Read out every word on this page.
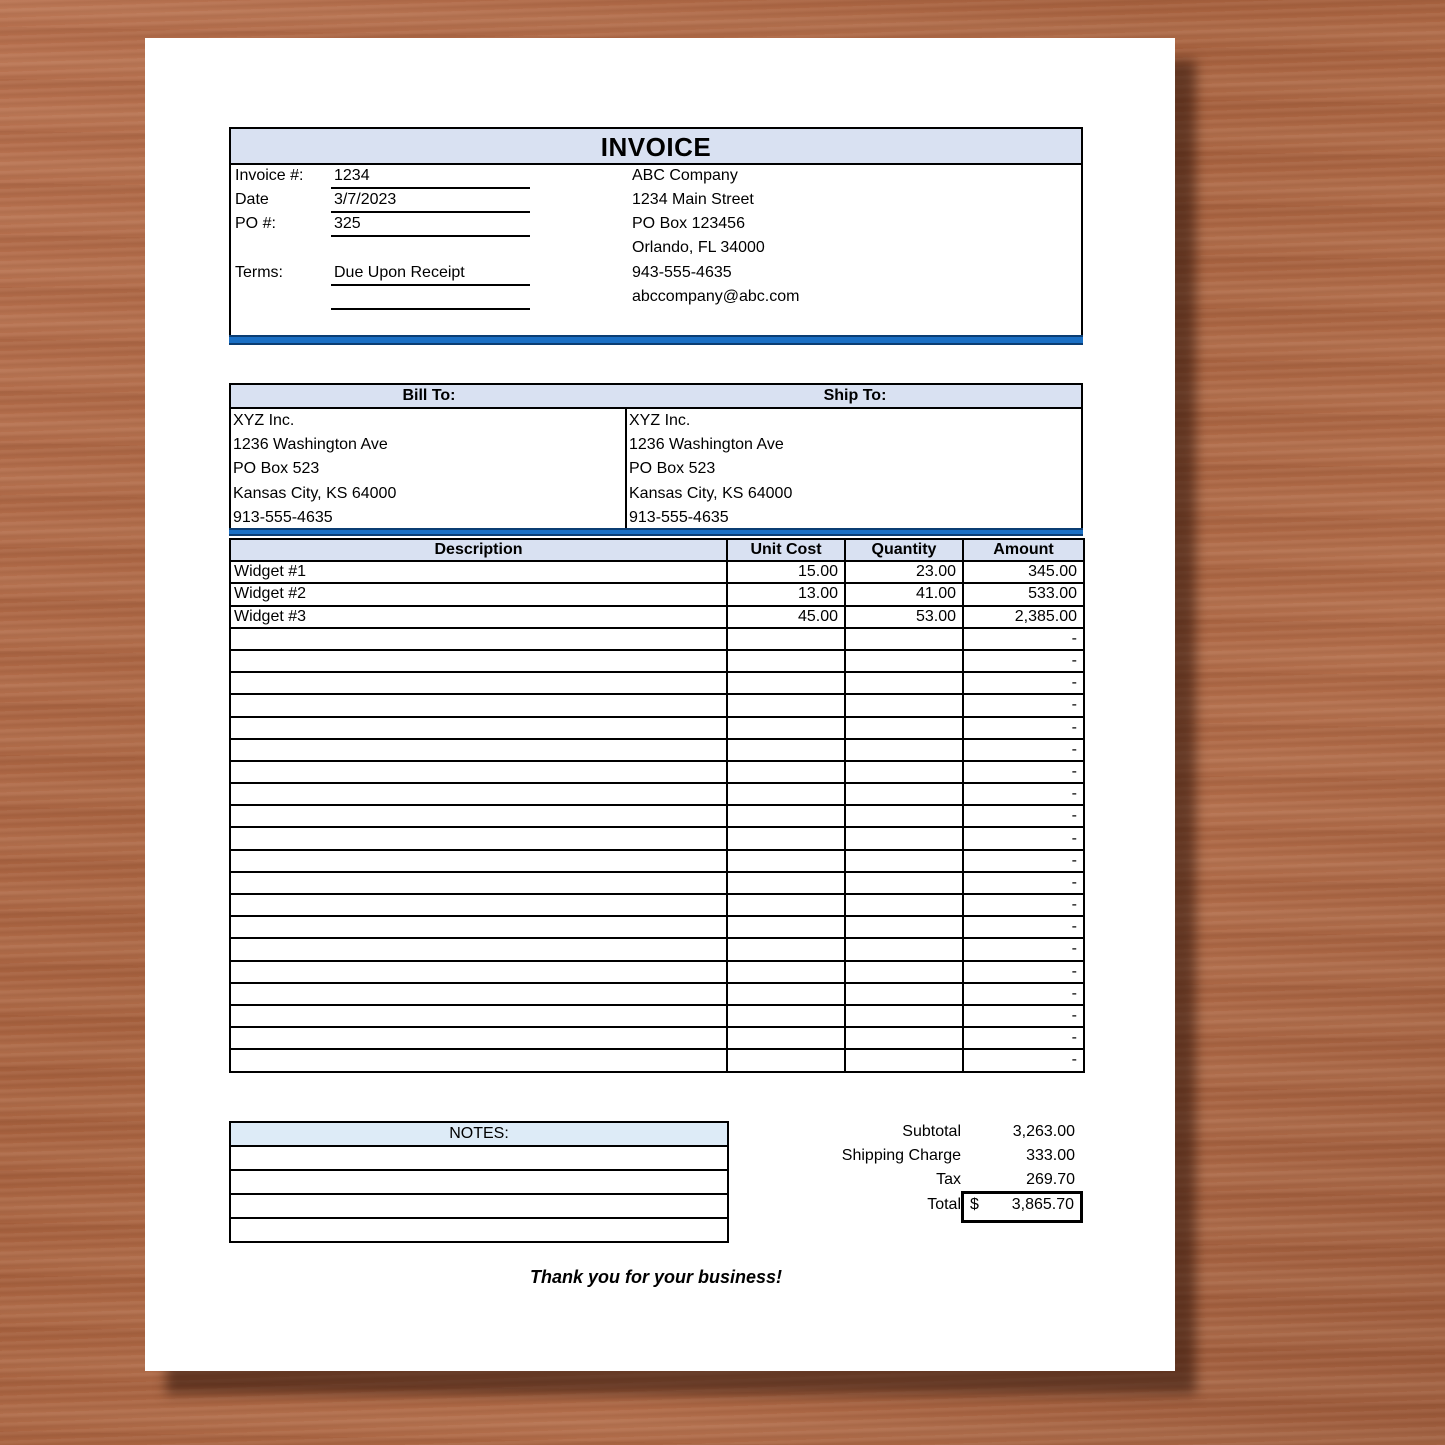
INVOICE
Invoice #: 1234
Date	3/7/2023
PO #:	325
Terms:	Due Upon Receipt
ABC Company
1234 Main Street
PO Box 123456
Orlando, FL 34000
943-555-4635
abccompany@abc.com
Bill To:	Ship To:
XYZ Inc.
1236 Washington Ave
PO Box 523
Kansas City, KS 64000
913-555-4635
XYZ Inc.
1236 Washington Ave
PO Box 523
Kansas City, KS 64000
913-555-4635
Description	Unit Cost	Quantity	Amount
Widget #1	15.00	23.00	345.00
Widget #2	13.00	41.00	533.00
Widget #3	45.00	53.00	2,385.00
			-
			-
			-
			-
			-
			-
			-
			-
			-
			-
			-
			-
			-
			-
			-
			-
			-
			-
			-
			-
NOTES:	Subtotal	3,263.00
Shipping Charge	333.00
Tax	269.70
Total $ 3,865.70
Thank you for your business!
